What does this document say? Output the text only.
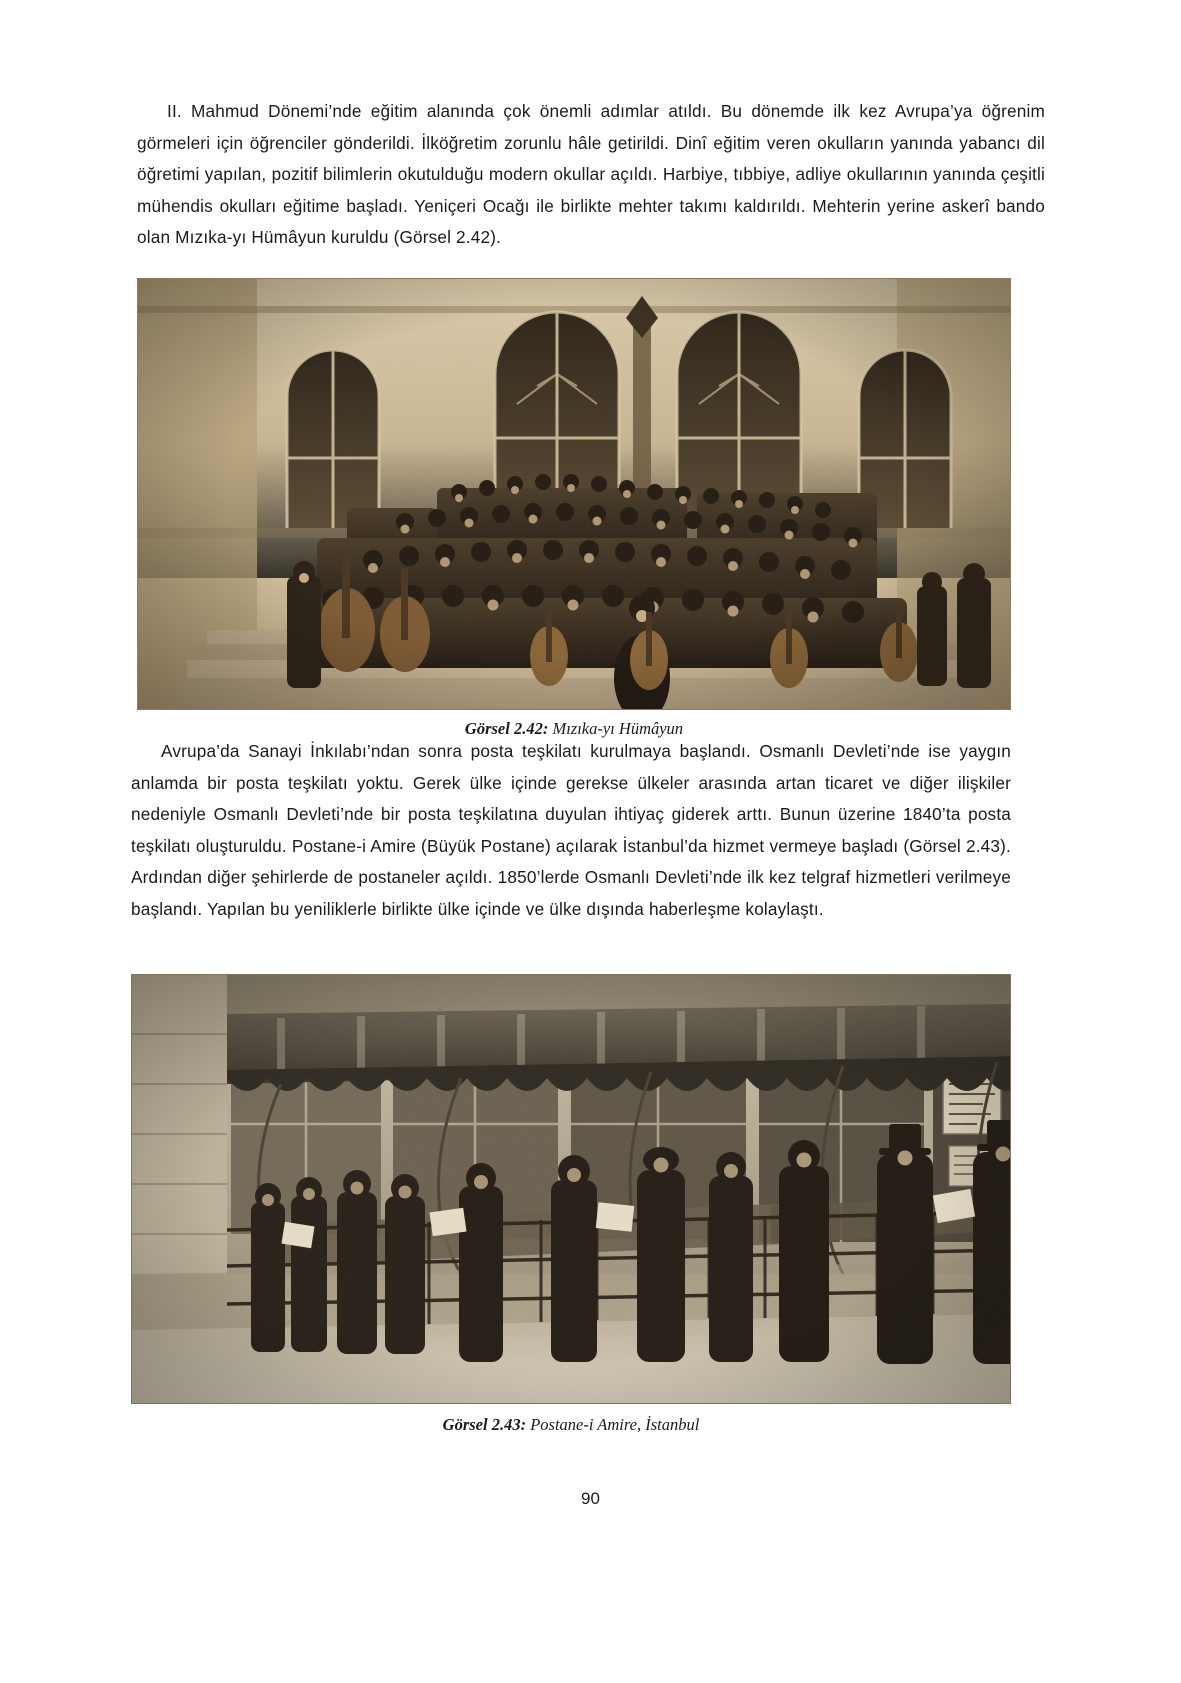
II. Mahmud Dönemi’nde eğitim alanında çok önemli adımlar atıldı. Bu dönemde ilk kez Avrupa’ya öğrenim görmeleri için öğrenciler gönderildi. İlköğretim zorunlu hâle getirildi. Dinî eğitim veren okulların yanında yabancı dil öğretimi yapılan, pozitif bilimlerin okutulduğu modern okullar açıldı. Harbiye, tıbbiye, adliye okullarının yanında çeşitli mühendis okulları eğitime başladı. Yeniçeri Ocağı ile birlikte mehter takımı kaldırıldı. Mehterin yerine askerî bando olan Mızıka-yı Hümâyun kuruldu (Görsel 2.42).

Görsel 2.42: Mızıka-yı Hümâyun

Avrupa’da Sanayi İnkılabı’ndan sonra posta teşkilatı kurulmaya başlandı. Osmanlı Devleti’nde ise yaygın anlamda bir posta teşkilatı yoktu. Gerek ülke içinde gerekse ülkeler arasında artan ticaret ve diğer ilişkiler nedeniyle Osmanlı Devleti’nde bir posta teşkilatına duyulan ihtiyaç giderek arttı. Bunun üzerine 1840’ta posta teşkilatı oluşturuldu. Postane-i Amire (Büyük Postane) açılarak İstanbul’da hizmet vermeye başladı (Görsel 2.43). Ardından diğer şehirlerde de postaneler açıldı. 1850’lerde Osmanlı Devleti’nde ilk kez telgraf hizmetleri verilmeye başlandı. Yapılan bu yeniliklerle birlikte ülke içinde ve ülke dışında haberleşme kolaylaştı.

Görsel 2.43: Postane-i Amire, İstanbul
90
